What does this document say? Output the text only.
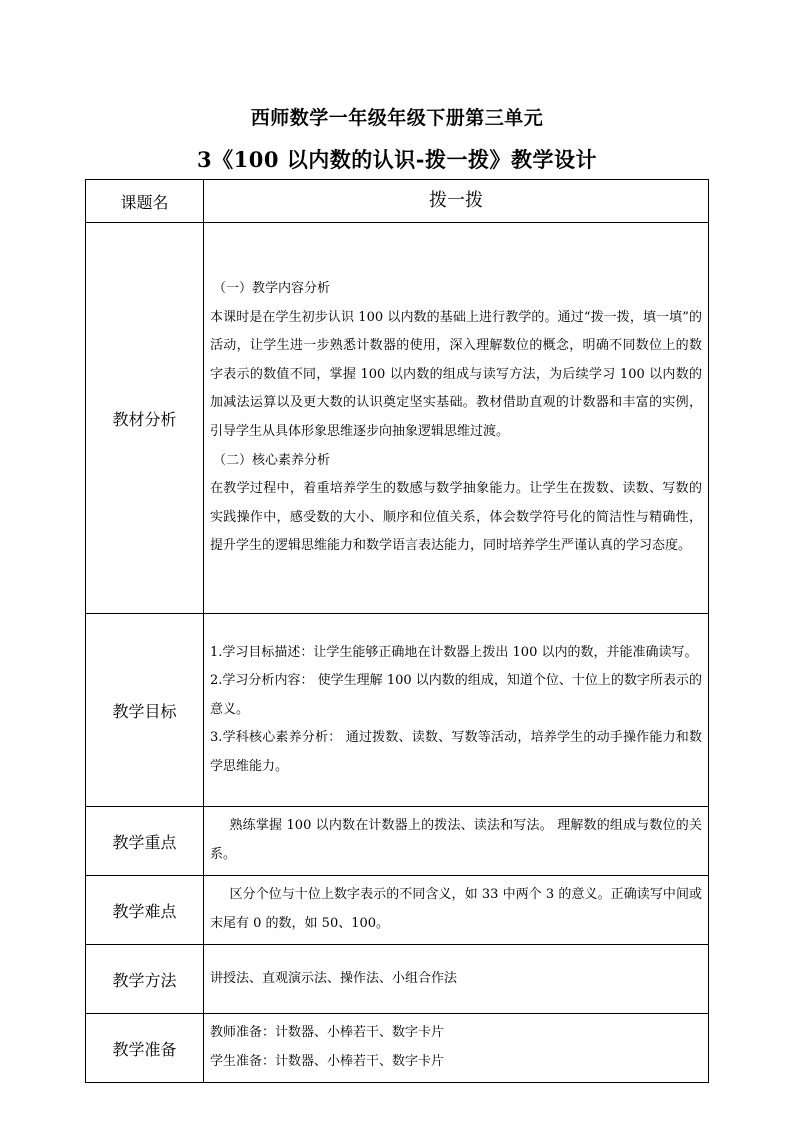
西师数学一年级年级下册第三单元
3《100 以内数的认识-拨一拨》教学设计
课题名	拨一拨
教材分析	（一）教学内容分析
本课时是在学生初步认识 100 以内数的基础上进行教学的。通过“拨一拨，填一填”的活动，让学生进一步熟悉计数器的使用，深入理解数位的概念，明确不同数位上的数字表示的数值不同，掌握 100 以内数的组成与读写方法，为后续学习 100 以内数的加减法运算以及更大数的认识奠定坚实基础。教材借助直观的计数器和丰富的实例，引导学生从具体形象思维逐步向抽象逻辑思维过渡。
（二）核心素养分析
在教学过程中，着重培养学生的数感与数学抽象能力。让学生在拨数、读数、写数的实践操作中，感受数的大小、顺序和位值关系，体会数学符号化的简洁性与精确性，提升学生的逻辑思维能力和数学语言表达能力，同时培养学生严谨认真的学习态度。

教学目标	1.学习目标描述：让学生能够正确地在计数器上拨出 100 以内的数，并能准确读写。
2.学习分析内容： 使学生理解 100 以内数的组成，知道个位、十位上的数字所表示的意义。
3.学科核心素养分析： 通过拨数、读数、写数等活动，培养学生的动手操作能力和数学思维能力。

教学重点	熟练掌握 100 以内数在计数器上的拨法、读法和写法。 理解数的组成与数位的关系。

教学难点	区分个位与十位上数字表示的不同含义，如 33 中两个 3 的意义。正确读写中间或末尾有 0 的数，如 50、100。

教学方法	讲授法、直观演示法、操作法、小组合作法

教学准备	教师准备：计数器、小棒若干、数字卡片
学生准备：计数器、小棒若干、数字卡片
